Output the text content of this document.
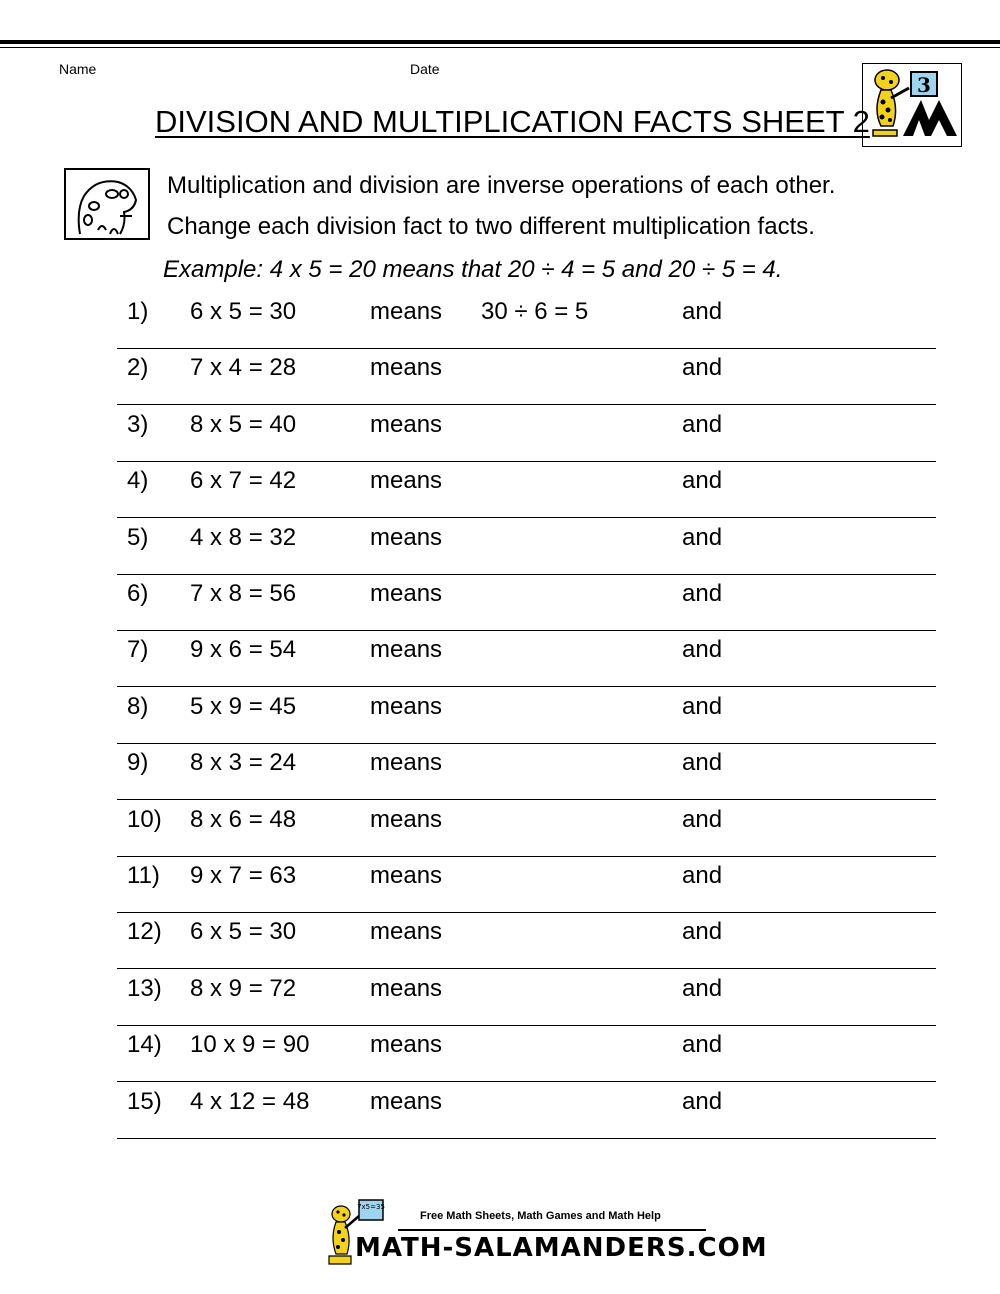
Name	Date
DIVISION AND MULTIPLICATION FACTS SHEET 2
3
Multiplication and division are inverse operations of each other.
Change each division fact to two different multiplication facts.
Example: 4 x 5 = 20 means that 20 ÷ 4 = 5 and 20 ÷ 5 = 4.
1) 6 x 5 = 30	means 30 ÷ 6 = 5	and
2) 7 x 4 = 28	means	and
3) 8 x 5 = 40	means	and
4) 6 x 7 = 42	means	and
5) 4 x 8 = 32	means	and
6) 7 x 8 = 56	means	and
7) 9 x 6 = 54	means	and
8) 5 x 9 = 45	means	and
9) 8 x 3 = 24	means	and
10) 8 x 6 = 48	means	and
11) 9 x 7 = 63	means	and
12) 6 x 5 = 30	means	and
13) 8 x 9 = 72	means	and
14) 10 x 9 = 90	means	and
15) 4 x 12 = 48	means	and
7x5=35
Free Math Sheets, Math Games and Math Help
MATH-SALAMANDERS.COM
